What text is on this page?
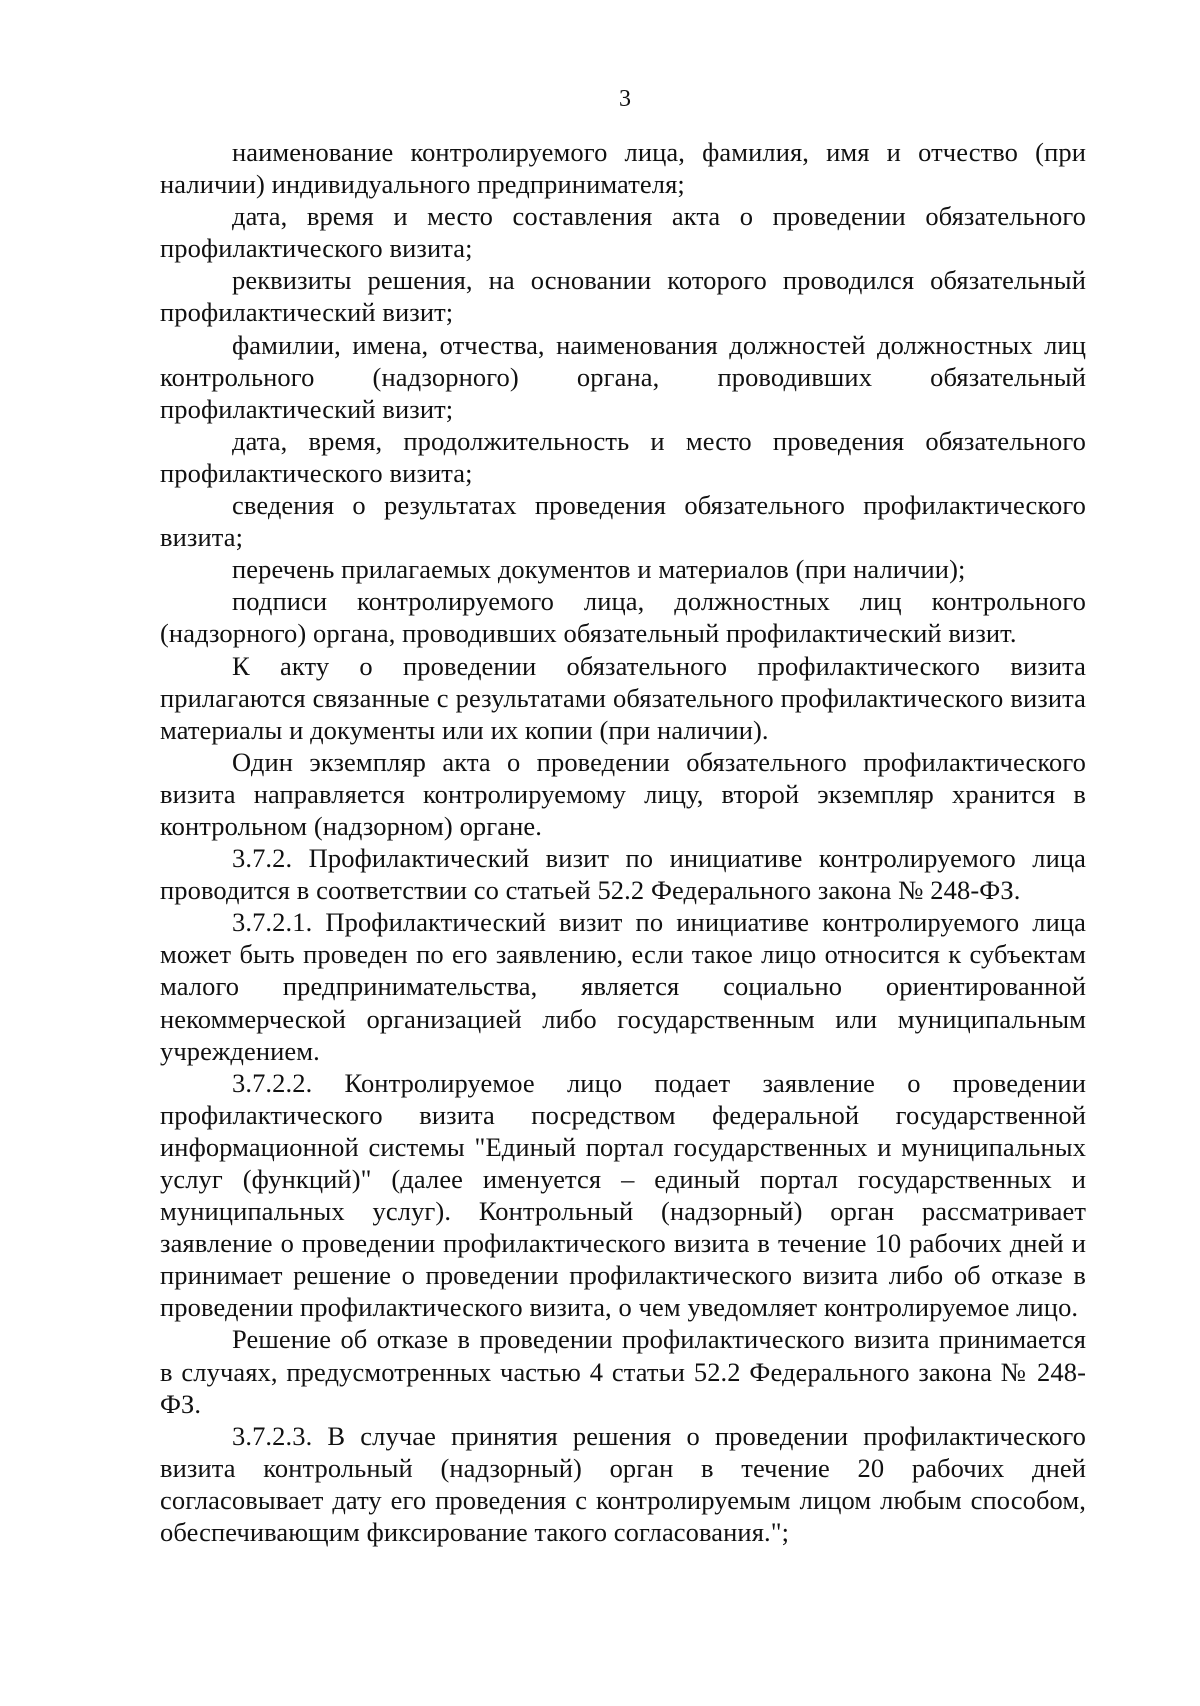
3

наименование контролируемого лица, фамилия, имя и отчество (при наличии) индивидуального предпринимателя;

дата, время и место составления акта о проведении обязательного профилактического визита;

реквизиты решения, на основании которого проводился обязательный профилактический визит;

фамилии, имена, отчества, наименования должностей должностных лиц контрольного (надзорного) органа, проводивших обязательный профилактический визит;

дата, время, продолжительность и место проведения обязательного профилактического визита;

сведения о результатах проведения обязательного профилактического визита;

перечень прилагаемых документов и материалов (при наличии);

подписи контролируемого лица, должностных лиц контрольного (надзорного) органа, проводивших обязательный профилактический визит.

К акту о проведении обязательного профилактического визита прилагаются связанные с результатами обязательного профилактического визита материалы и документы или их копии (при наличии).

Один экземпляр акта о проведении обязательного профилактического визита направляется контролируемому лицу, второй экземпляр хранится в контрольном (надзорном) органе.

3.7.2. Профилактический визит по инициативе контролируемого лица проводится в соответствии со статьей 52.2 Федерального закона № 248-ФЗ.

3.7.2.1. Профилактический визит по инициативе контролируемого лица может быть проведен по его заявлению, если такое лицо относится к субъектам малого предпринимательства, является социально ориентированной некоммерческой организацией либо государственным или муниципальным учреждением.

3.7.2.2. Контролируемое лицо подает заявление о проведении профилактического визита посредством федеральной государственной информационной системы "Единый портал государственных и муниципальных услуг (функций)" (далее именуется – единый портал государственных и муниципальных услуг). Контрольный (надзорный) орган рассматривает заявление о проведении профилактического визита в течение 10 рабочих дней и принимает решение о проведении профилактического визита либо об отказе в проведении профилактического визита, о чем уведомляет контролируемое лицо.

Решение об отказе в проведении профилактического визита принимается в случаях, предусмотренных частью 4 статьи 52.2 Федерального закона № 248-ФЗ.

3.7.2.3. В случае принятия решения о проведении профилактического визита контрольный (надзорный) орган в течение 20 рабочих дней согласовывает дату его проведения с контролируемым лицом любым способом, обеспечивающим фиксирование такого согласования.";
